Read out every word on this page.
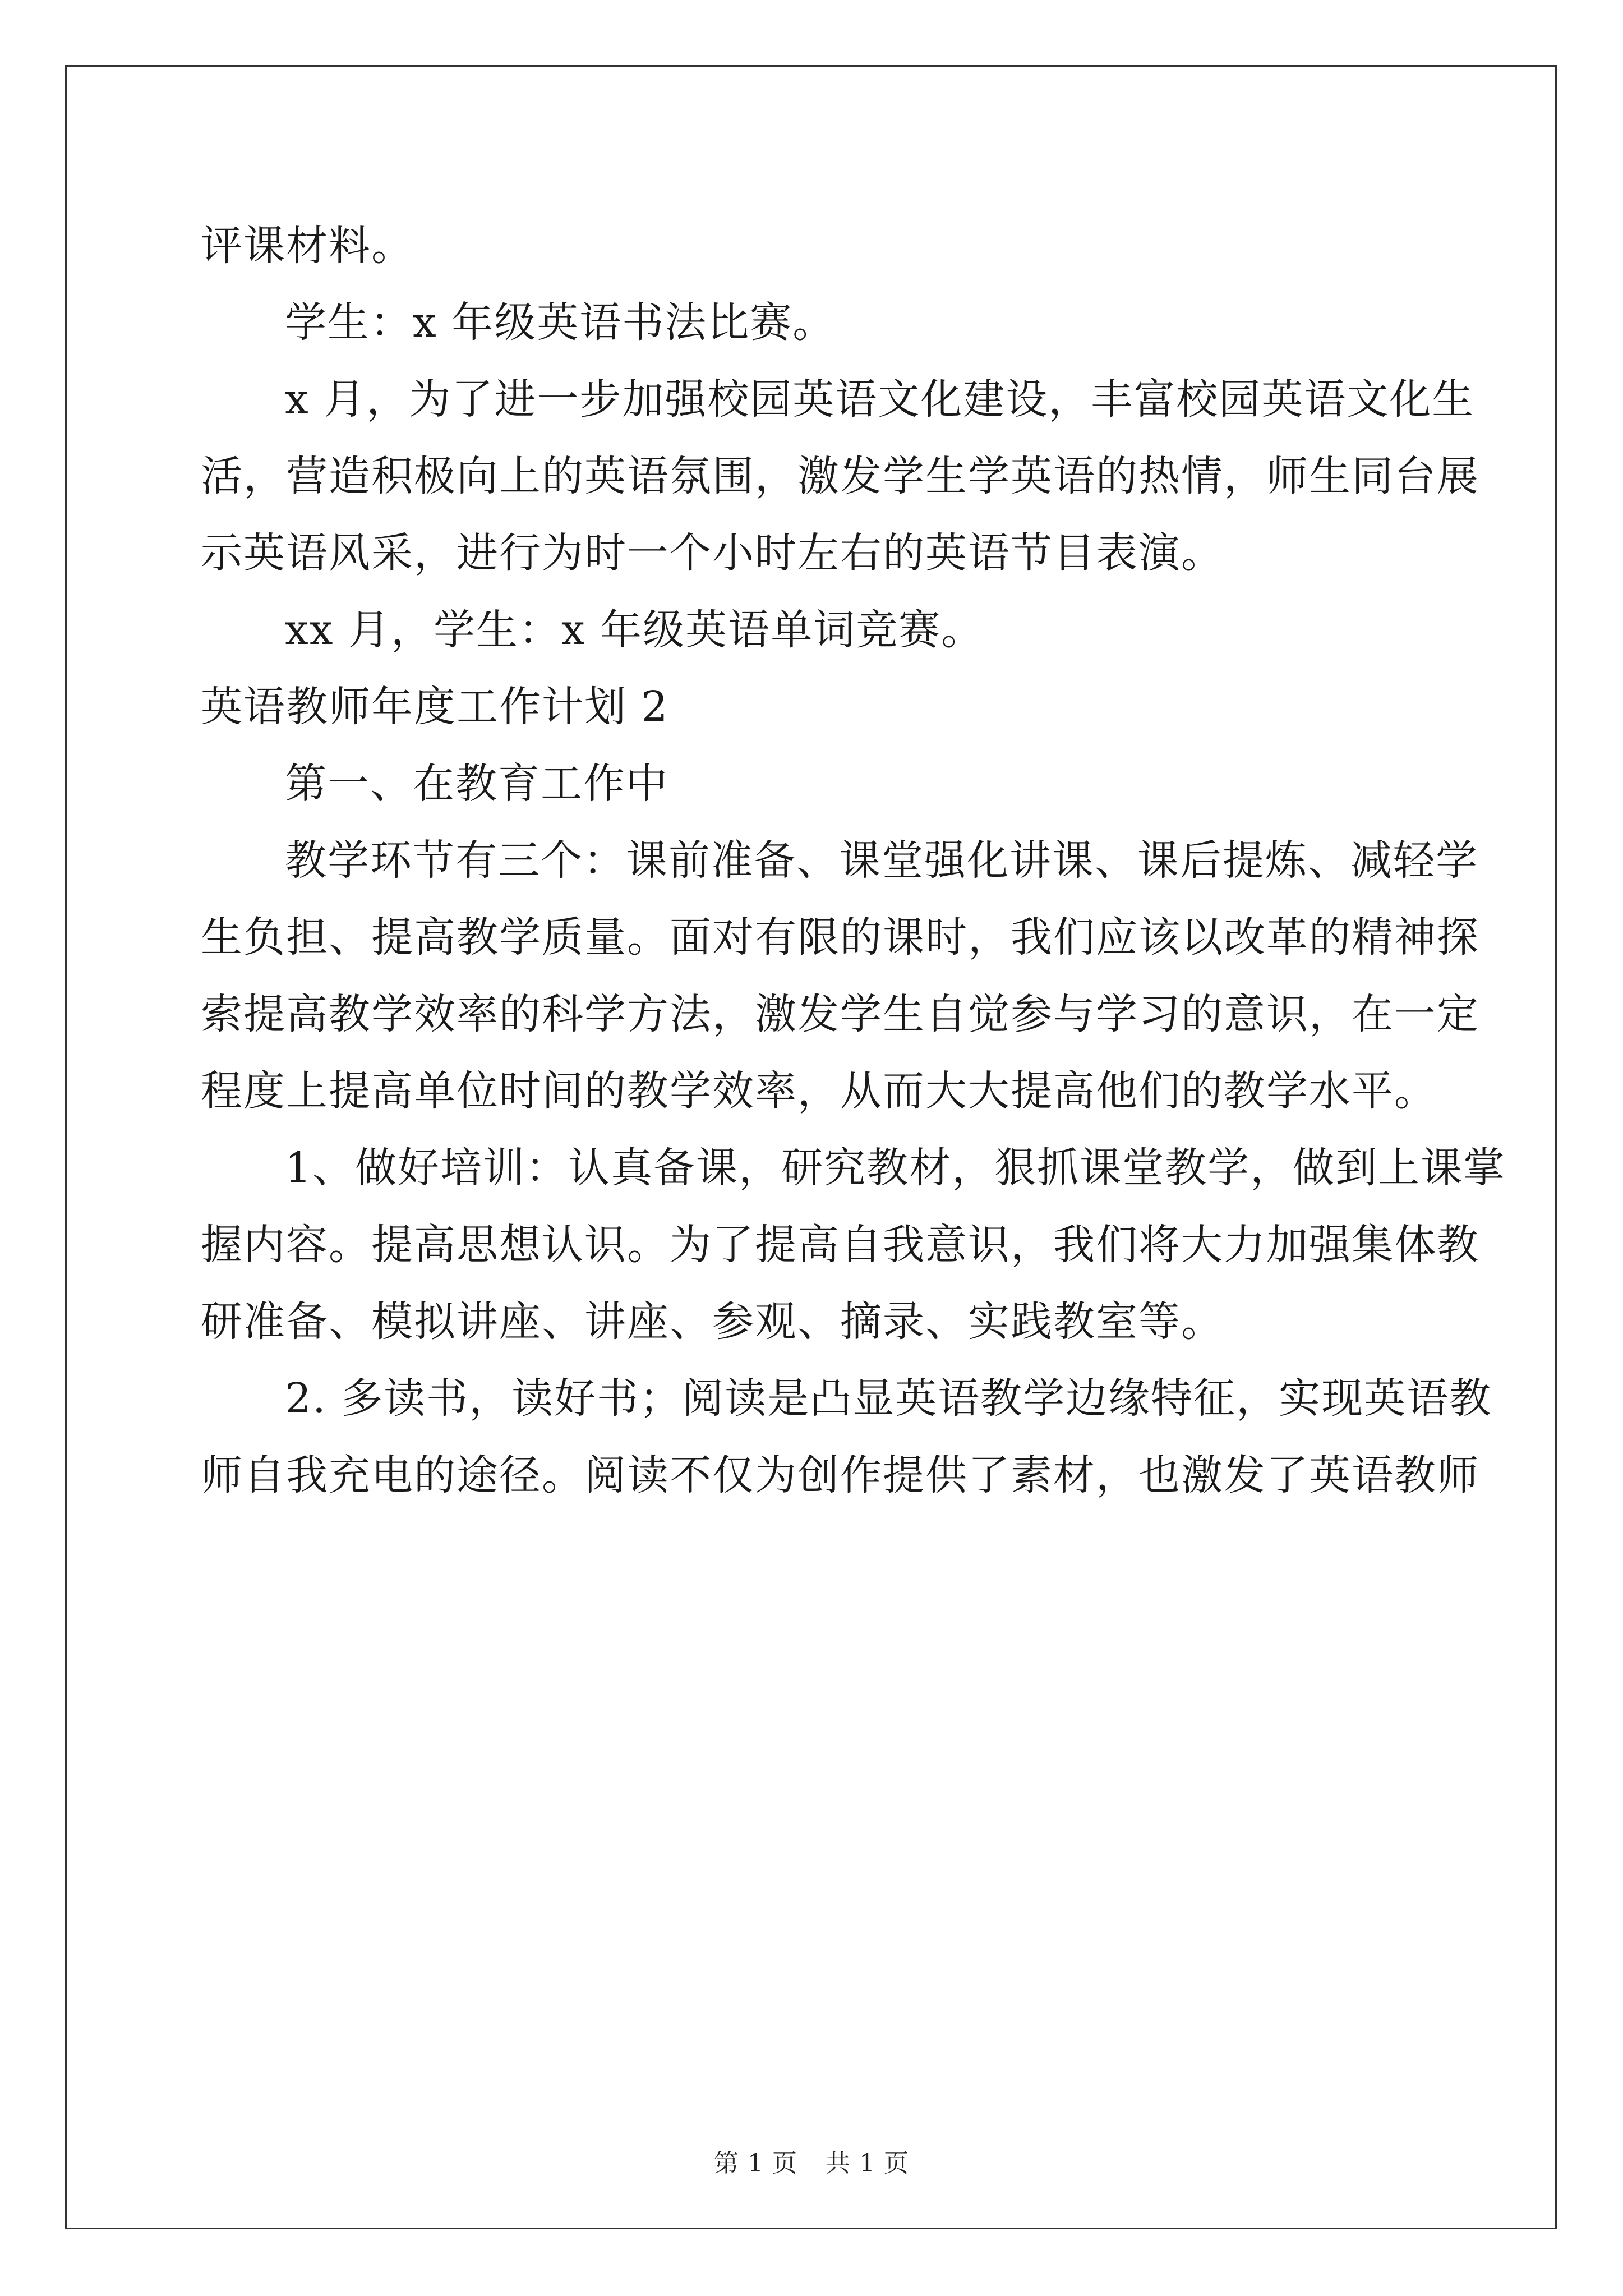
评课材料。

学生：x 年级英语书法比赛。

x 月，为了进一步加强校园英语文化建设，丰富校园英语文化生

活，营造积极向上的英语氛围，激发学生学英语的热情，师生同台展

示英语风采，进行为时一个小时左右的英语节目表演。

xx 月，学生：x 年级英语单词竞赛。

英语教师年度工作计划 2

第一、在教育工作中

教学环节有三个：课前准备、课堂强化讲课、课后提炼、减轻学

生负担、提高教学质量。面对有限的课时，我们应该以改革的精神探

索提高教学效率的科学方法，激发学生自觉参与学习的意识，在一定

程度上提高单位时间的教学效率，从而大大提高他们的教学水平。

1、做好培训：认真备课，研究教材，狠抓课堂教学，做到上课掌

握内容。提高思想认识。为了提高自我意识，我们将大力加强集体教

研准备、模拟讲座、讲座、参观、摘录、实践教室等。

2. 多读书，读好书；阅读是凸显英语教学边缘特征，实现英语教

师自我充电的途径。阅读不仅为创作提供了素材，也激发了英语教师

第 1 页 共 1 页
